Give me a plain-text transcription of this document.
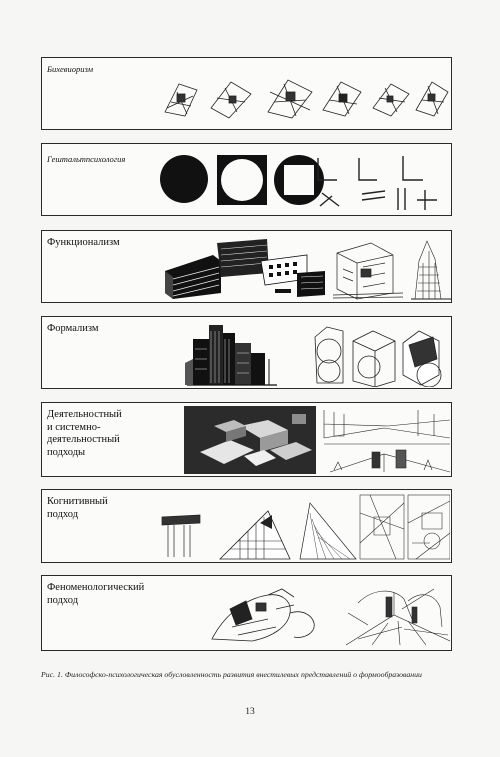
Бихевиоризм
Гештальтпсихология
Функционализм
Формализм
Деятельностный
и системно-
деятельностный
подходы
Когнитивный
подход
Феноменологический
подход
Рис. 1. Философско-психологическая обусловленность развития внестилевых представлений о формообразовании
13
